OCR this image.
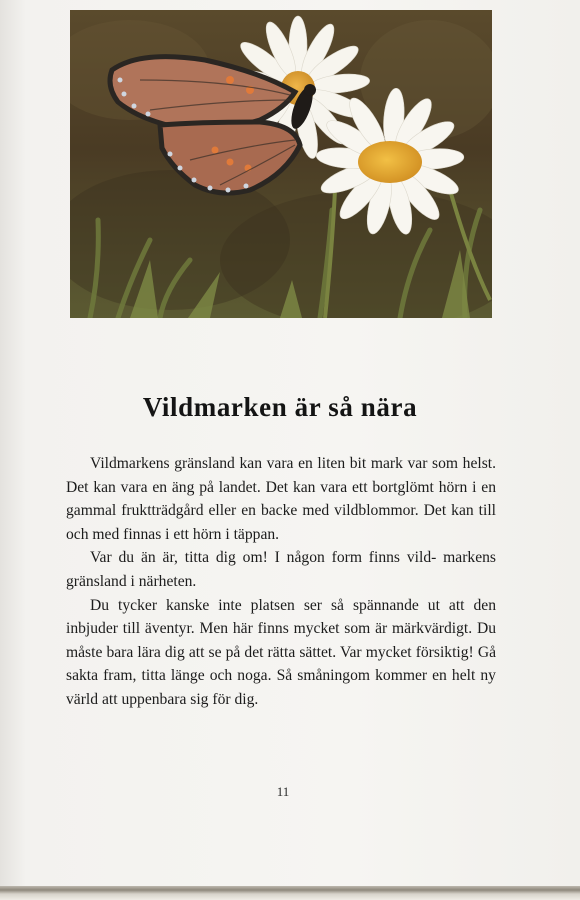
Vildmarken är så nära

Vildmarkens gränsland kan vara en liten bit mark var som helst. Det kan vara en äng på landet. Det kan vara ett bortglömt hörn i en gammal fruktträdgård eller en backe med vildblommor. Det kan till och med finnas i ett hörn i täppan.

Var du än är, titta dig om! I någon form finns vild- markens gränsland i närheten.

Du tycker kanske inte platsen ser så spännande ut att den inbjuder till äventyr. Men här finns mycket som är märkvärdigt. Du måste bara lära dig att se på det rätta sättet. Var mycket försiktig! Gå sakta fram, titta länge och noga. Så småningom kommer en helt ny värld att uppenbara sig för dig.

11
